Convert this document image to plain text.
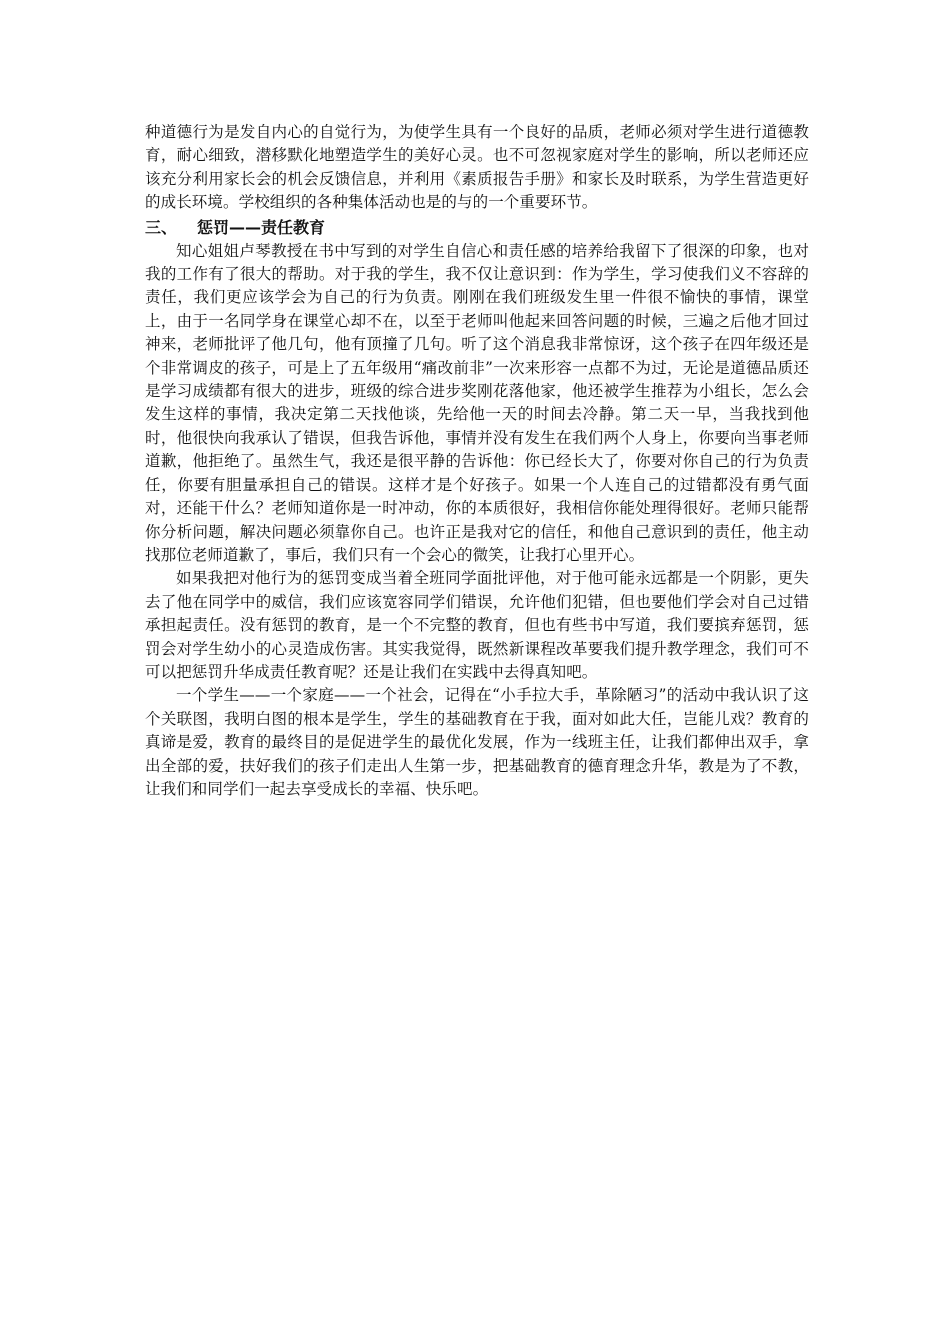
种道德行为是发自内心的自觉行为，为使学生具有一个良好的品质，老师必须对学生进行道德教育，耐心细致，潜移默化地塑造学生的美好心灵。也不可忽视家庭对学生的影响，所以老师还应该充分利用家长会的机会反馈信息，并利用《素质报告手册》和家长及时联系，为学生营造更好的成长环境。学校组织的各种集体活动也是的与的一个重要环节。

三、	惩罚——责任教育

知心姐姐卢琴教授在书中写到的对学生自信心和责任感的培养给我留下了很深的印象，也对我的工作有了很大的帮助。对于我的学生，我不仅让意识到：作为学生，学习使我们义不容辞的责任，我们更应该学会为自己的行为负责。刚刚在我们班级发生里一件很不愉快的事情，课堂上，由于一名同学身在课堂心却不在，以至于老师叫他起来回答问题的时候，三遍之后他才回过神来，老师批评了他几句，他有顶撞了几句。听了这个消息我非常惊讶，这个孩子在四年级还是个非常调皮的孩子，可是上了五年级用“痛改前非”一次来形容一点都不为过，无论是道德品质还是学习成绩都有很大的进步，班级的综合进步奖刚花落他家，他还被学生推荐为小组长，怎么会发生这样的事情，我决定第二天找他谈，先给他一天的时间去冷静。第二天一早，当我找到他时，他很快向我承认了错误，但我告诉他，事情并没有发生在我们两个人身上，你要向当事老师道歉，他拒绝了。虽然生气，我还是很平静的告诉他：你已经长大了，你要对你自己的行为负责任，你要有胆量承担自己的错误。这样才是个好孩子。如果一个人连自己的过错都没有勇气面对，还能干什么？老师知道你是一时冲动，你的本质很好，我相信你能处理得很好。老师只能帮你分析问题，解决问题必须靠你自己。也许正是我对它的信任，和他自己意识到的责任，他主动找那位老师道歉了，事后，我们只有一个会心的微笑，让我打心里开心。

如果我把对他行为的惩罚变成当着全班同学面批评他，对于他可能永远都是一个阴影，更失去了他在同学中的威信，我们应该宽容同学们错误，允许他们犯错，但也要他们学会对自己过错承担起责任。没有惩罚的教育，是一个不完整的教育，但也有些书中写道，我们要摈弃惩罚，惩罚会对学生幼小的心灵造成伤害。其实我觉得，既然新课程改革要我们提升教学理念，我们可不可以把惩罚升华成责任教育呢？还是让我们在实践中去得真知吧。

一个学生——一个家庭——一个社会，记得在“小手拉大手，革除陋习”的活动中我认识了这个关联图，我明白图的根本是学生，学生的基础教育在于我，面对如此大任，岂能儿戏？教育的真谛是爱，教育的最终目的是促进学生的最优化发展，作为一线班主任，让我们都伸出双手，拿出全部的爱，扶好我们的孩子们走出人生第一步，把基础教育的德育理念升华，教是为了不教，让我们和同学们一起去享受成长的幸福、快乐吧。
